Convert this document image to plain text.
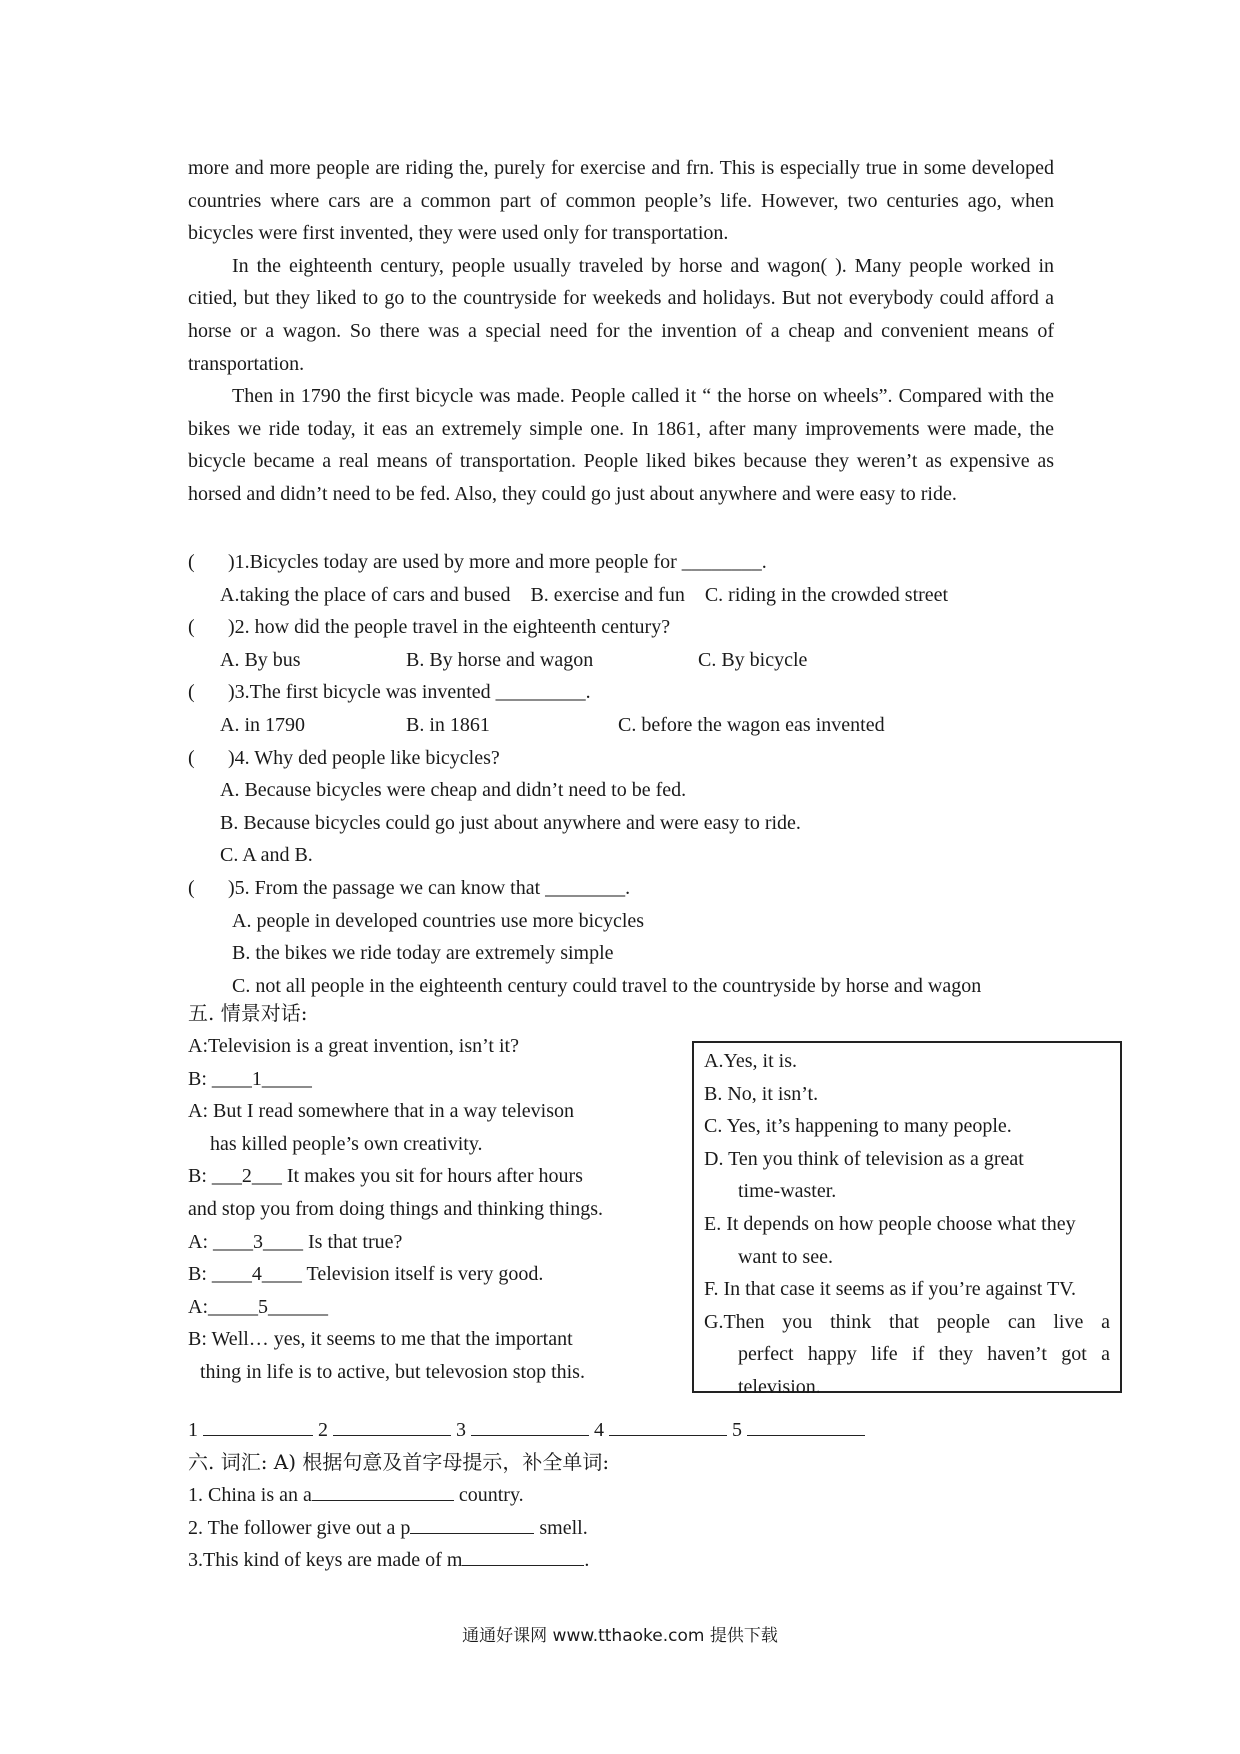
more and more people are riding the, purely for exercise and frn. This is especially true in some developed countries where cars are a common part of common people’s life. However, two centuries ago, when bicycles were first invented, they were used only for transportation.

In the eighteenth century, people usually traveled by horse and wagon( ). Many people worked in citied, but they liked to go to the countryside for weekeds and holidays. But not everybody could afford a horse or a wagon. So there was a special need for the invention of a cheap and convenient means of transportation.

Then in 1790 the first bicycle was made. People called it “ the horse on wheels”. Compared with the bikes we ride today, it eas an extremely simple one. In 1861, after many improvements were made, the bicycle became a real means of transportation. People liked bikes because they weren’t as expensive as horsed and didn’t need to be fed. Also, they could go just about anywhere and were easy to ride.

( )1.Bicycles today are used by more and more people for ________.
A.taking the place of cars and bused B. exercise and fun C. riding in the crowded street
( )2. how did the people travel in the eighteenth century?
A. By bus	B. By horse and wagon	C. By bicycle
( )3.The first bicycle was invented _________.
A. in 1790	B. in 1861	C. before the wagon eas invented
( )4. Why ded people like bicycles?
A. Because bicycles were cheap and didn’t need to be fed.
B. Because bicycles could go just about anywhere and were easy to ride.
C. A and B.
( )5. From the passage we can know that ________.
A. people in developed countries use more bicycles
B. the bikes we ride today are extremely simple
C. not all people in the eighteenth century could travel to the countryside by horse and wagon
五. 情景对话:
A:Television is a great invention, isn’t it?
B: ____1_____
A: But I read somewhere that in a way televison
has killed people’s own creativity.
B: ___2___ It makes you sit for hours after hours
and stop you from doing things and thinking things.
A: ____3____ Is that true?
B: ____4____ Television itself is very good.
A:_____5______
B: Well… yes, it seems to me that the important
thing in life is to active, but televosion stop this.
A.Yes, it is.
B. No, it isn’t.
C. Yes, it’s happening to many people.
D. Ten you think of television as a great
time-waster.
E. It depends on how people choose what they
want to see.
F. In that case it seems as if you’re against TV.
G.Then you think that people can live a
perfect happy life if they haven’t got a
television.
1	2	3	4	5
六. 词汇: A) 根据句意及首字母提示，补全单词:
1. China is an a	country.
2. The follower give out a p	smell.
3.This kind of keys are made of m	.
通通好课网 www.tthaoke.com 提供下载
